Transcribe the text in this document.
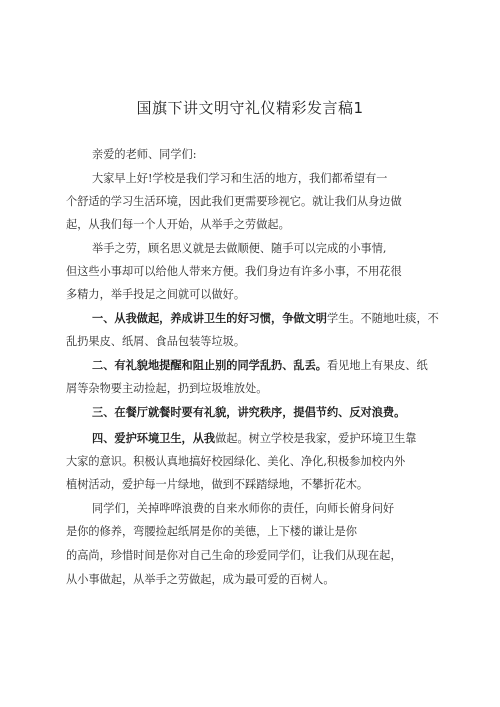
国旗下讲文明守礼仪精彩发言稿1
亲爱的老师、同学们:
大家早上好!学校是我们学习和生活的地方，我们都希望有一
个舒适的学习生活环境，因此我们更需要珍视它。就让我们从身边做
起，从我们每一个人开始，从举手之劳做起。
举手之劳，顾名思义就是去做顺便、随手可以完成的小事情,
但这些小事却可以给他人带来方便。我们身边有许多小事，不用花很
多精力，举手投足之间就可以做好。
一、从我做起，养成讲卫生的好习惯，争做文明学生。不随地吐痰，不
乱扔果皮、纸屑、食品包装等垃圾。
二、有礼貌地提醒和阻止别的同学乱扔、乱丢。看见地上有果皮、纸
屑等杂物要主动捡起，扔到垃圾堆放处。
三、在餐厅就餐时要有礼貌，讲究秩序，提倡节约、反对浪费。
四、爱护环境卫生，从我做起。树立学校是我家，爱护环境卫生靠
大家的意识。积极认真地搞好校园绿化、美化、净化,积极参加校内外
植树活动，爱护每一片绿地，做到不踩踏绿地，不攀折花木。
同学们，关掉哗哗浪费的自来水师你的责任，向师长俯身问好
是你的修养，弯腰捡起纸屑是你的美德，上下楼的谦让是你
的高尚，珍惜时间是你对自己生命的珍爱同学们，让我们从现在起，
从小事做起，从举手之劳做起，成为最可爱的百树人。
